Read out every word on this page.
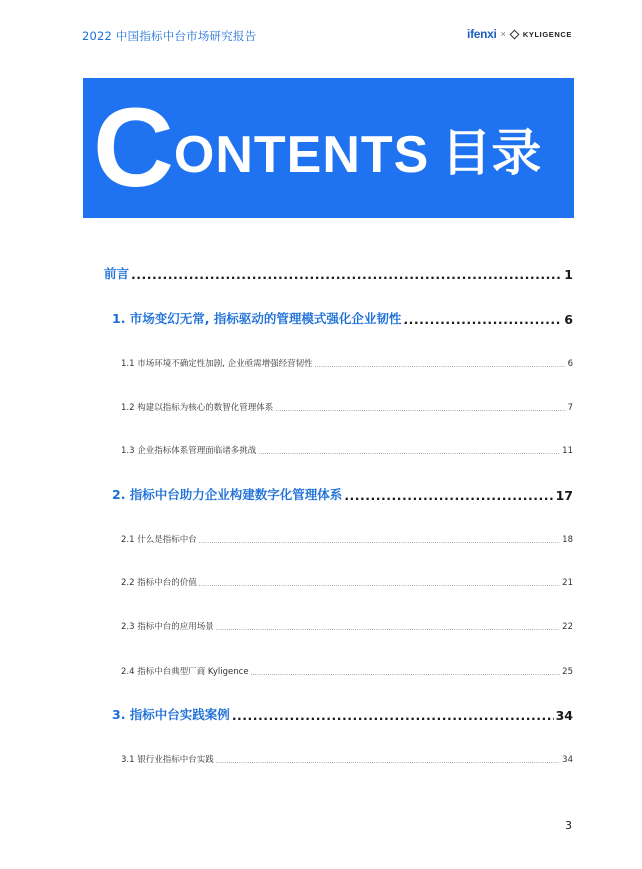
2022 中国指标中台市场研究报告	ifenxi × KYLIGENCE
C ONTENTS 目录
前言 .....	1
1. 市场变幻无常, 指标驱动的管理模式强化企业韧性 .....	6
1.1 市场环境不确定性加剧, 企业亟需增强经营韧性 .....	6
1.2 构建以指标为核心的数智化管理体系 .....	7
1.3 企业指标体系管理面临诸多挑战 .....	11
2. 指标中台助力企业构建数字化管理体系 .....	17
2.1 什么是指标中台 .....	18
2.2 指标中台的价值 .....	21
2.3 指标中台的应用场景 .....	22
2.4 指标中台典型厂商 Kyligence .....	25
3. 指标中台实践案例 .....	34
3.1 银行业指标中台实践 .....	34
3
